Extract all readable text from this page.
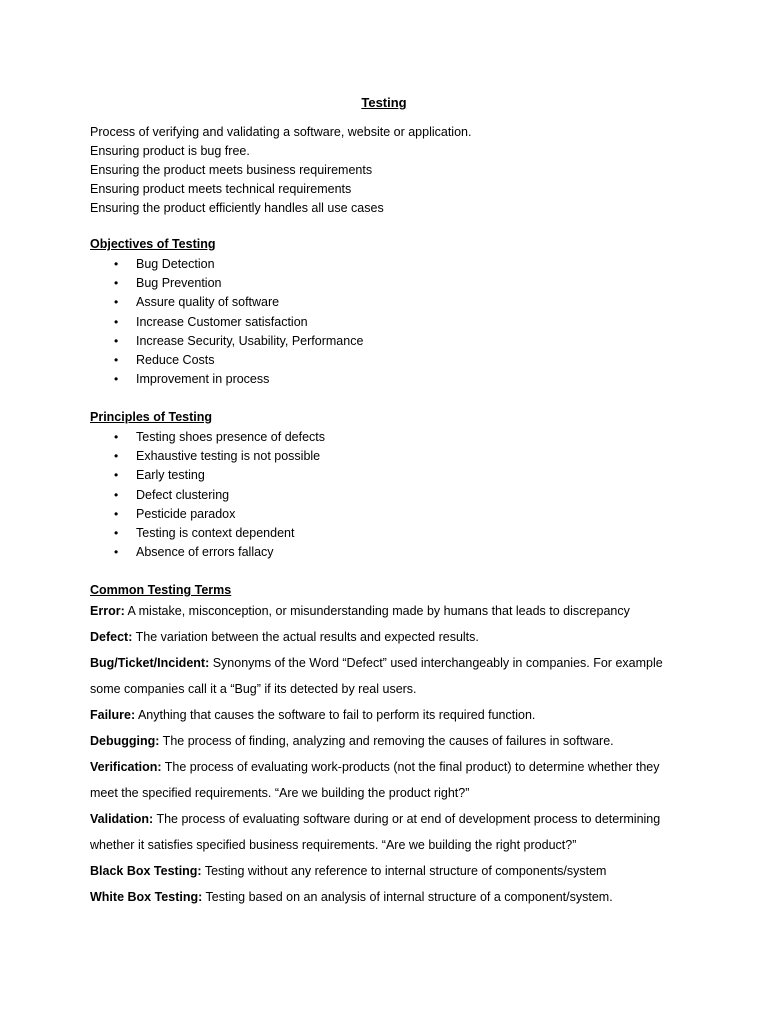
Testing
Process of verifying and validating a software, website or application.
Ensuring product is bug free.
Ensuring the product meets business requirements
Ensuring product meets technical requirements
Ensuring the product efficiently handles all use cases
Objectives of Testing
• Bug Detection
• Bug Prevention
• Assure quality of software
• Increase Customer satisfaction
• Increase Security, Usability, Performance
• Reduce Costs
• Improvement in process
Principles of Testing
• Testing shoes presence of defects
• Exhaustive testing is not possible
• Early testing
• Defect clustering
• Pesticide paradox
• Testing is context dependent
• Absence of errors fallacy
Common Testing Terms
Error: A mistake, misconception, or misunderstanding made by humans that leads to discrepancy
Defect: The variation between the actual results and expected results.
Bug/Ticket/Incident: Synonyms of the Word “Defect” used interchangeably in companies. For example
some companies call it a “Bug” if its detected by real users.
Failure: Anything that causes the software to fail to perform its required function.
Debugging: The process of finding, analyzing and removing the causes of failures in software.
Verification: The process of evaluating work-products (not the final product) to determine whether they
meet the specified requirements. “Are we building the product right?”
Validation: The process of evaluating software during or at end of development process to determining
whether it satisfies specified business requirements. “Are we building the right product?”
Black Box Testing: Testing without any reference to internal structure of components/system
White Box Testing: Testing based on an analysis of internal structure of a component/system.
